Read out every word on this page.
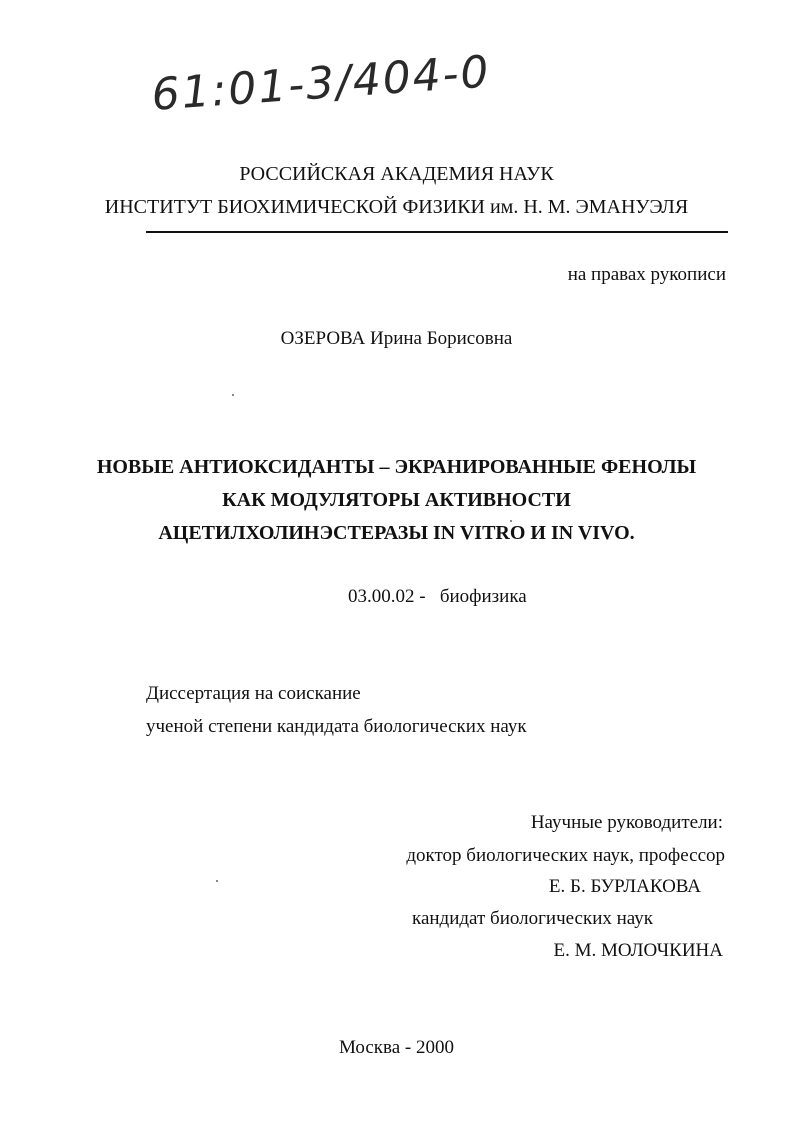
61:01-3/404-0
РОССИЙСКАЯ АКАДЕМИЯ НАУК
ИНСТИТУТ БИОХИМИЧЕСКОЙ ФИЗИКИ им. Н. М. ЭМАНУЭЛЯ
на правах рукописи
ОЗЕРОВА Ирина Борисовна
НОВЫЕ АНТИОКСИДАНТЫ – ЭКРАНИРОВАННЫЕ ФЕНОЛЫ
КАК МОДУЛЯТОРЫ АКТИВНОСТИ
АЦЕТИЛХОЛИНЭСТЕРАЗЫ IN VITRO И IN VIVO.
03.00.02 - биофизика
Диссертация на соискание
ученой степени кандидата биологических наук
Научные руководители:
доктор биологических наук, профессор
Е. Б. БУРЛАКОВА
кандидат биологических наук
Е. М. МОЛОЧКИНА
Москва - 2000
